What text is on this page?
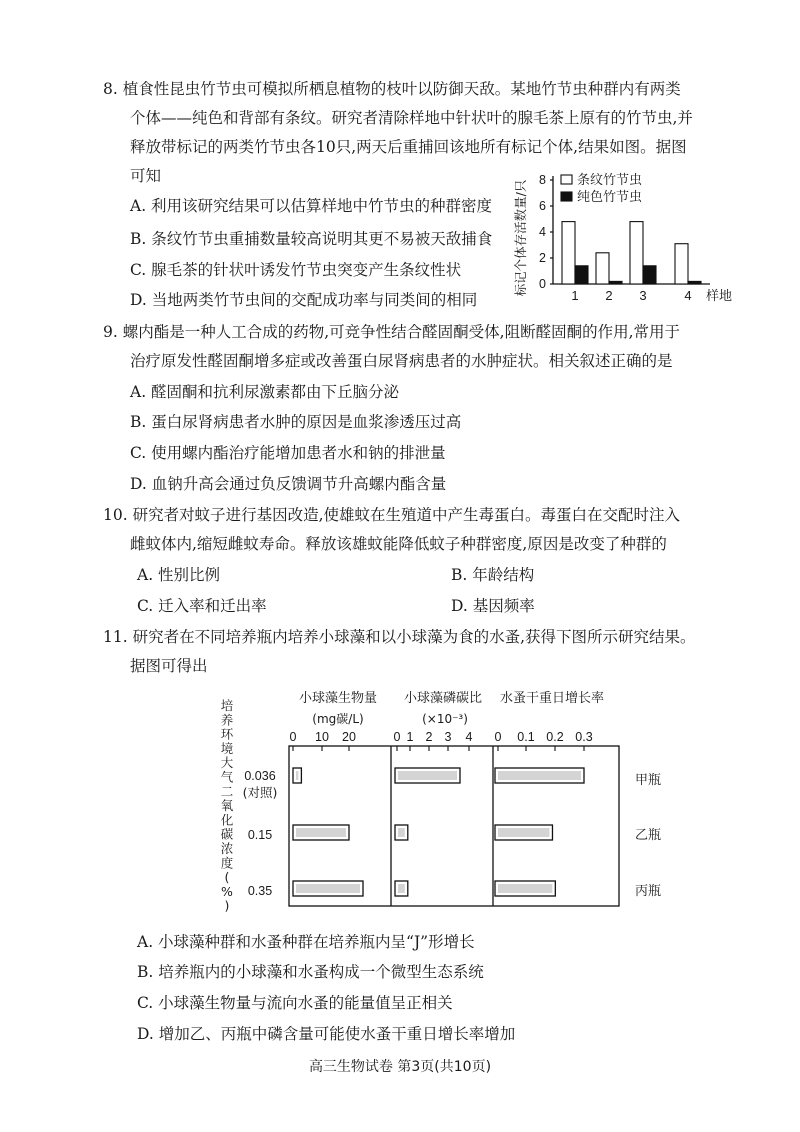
8. 植食性昆虫竹节虫可模拟所栖息植物的枝叶以防御天敌。某地竹节虫种群内有两类
个体——纯色和背部有条纹。研究者清除样地中针状叶的腺毛茶上原有的竹节虫,并
释放带标记的两类竹节虫各10只,两天后重捕回该地所有标记个体,结果如图。据图
可知
A. 利用该研究结果可以估算样地中竹节虫的种群密度
B. 条纹竹节虫重捕数量较高说明其更不易被天敌捕食
C. 腺毛茶的针状叶诱发竹节虫突变产生条纹性状
D. 当地两类竹节虫间的交配成功率与同类间的相同
标记个体存活数量/只 0
2
4
6
8
1 2 3	4 样地
条纹竹节虫
纯色竹节虫
9. 螺内酯是一种人工合成的药物,可竞争性结合醛固酮受体,阻断醛固酮的作用,常用于
治疗原发性醛固酮增多症或改善蛋白尿肾病患者的水肿症状。相关叙述正确的是
A. 醛固酮和抗利尿激素都由下丘脑分泌
B. 蛋白尿肾病患者水肿的原因是血浆渗透压过高
C. 使用螺内酯治疗能增加患者水和钠的排泄量
D. 血钠升高会通过负反馈调节升高螺内酯含量
10. 研究者对蚊子进行基因改造,使雄蚊在生殖道中产生毒蛋白。毒蛋白在交配时注入
雌蚊体内,缩短雌蚊寿命。释放该雄蚊能降低蚊子种群密度,原因是改变了种群的
A. 性别比例	B. 年龄结构
C. 迁入率和迁出率	D. 基因频率
11. 研究者在不同培养瓶内培养小球藻和以小球藻为食的水蚤,获得下图所示研究结果。
据图可得出
小球藻生物量 小球藻磷碳比 水蚤干重日增长率
(mg碳/L)	(×10⁻³)
培
养
环
境
大
气
二
氧
化
碳
浓
度
(
%
)
0 10 20	0 1 2 3 4 0 0.1 0.2 0.3
0.036
(对照)
0.15
0.35
甲瓶
乙瓶
丙瓶
A. 小球藻种群和水蚤种群在培养瓶内呈“J”形增长
B. 培养瓶内的小球藻和水蚤构成一个微型生态系统
C. 小球藻生物量与流向水蚤的能量值呈正相关
D. 增加乙、丙瓶中磷含量可能使水蚤干重日增长率增加
高三生物试卷 第3页(共10页)
